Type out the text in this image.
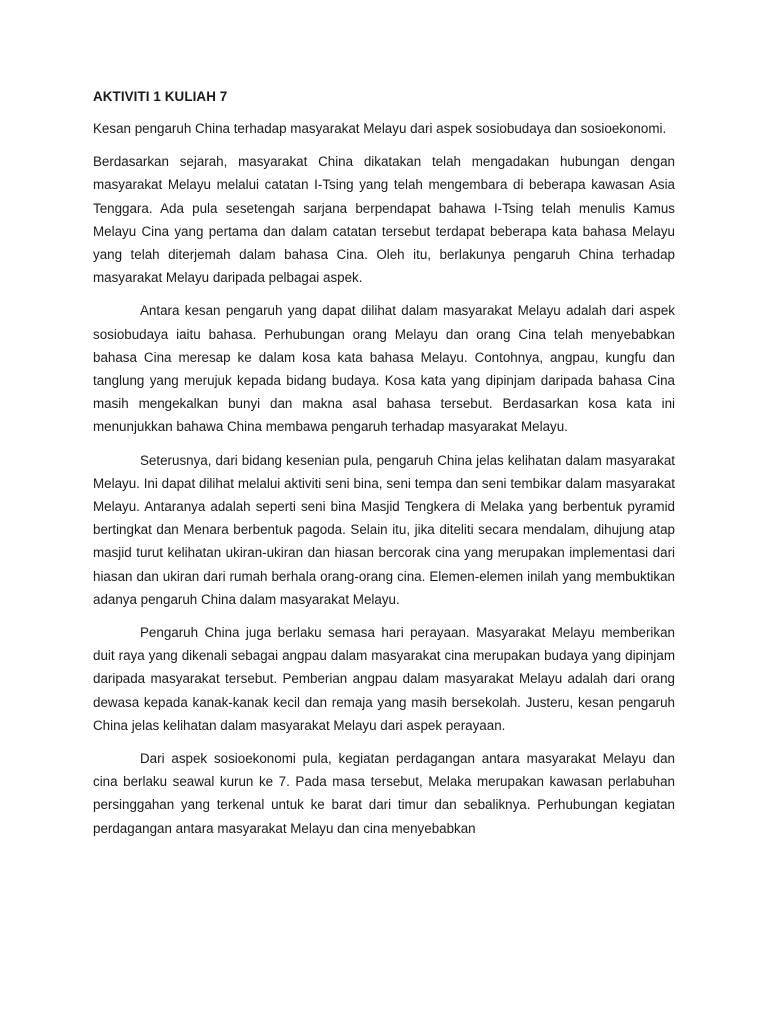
AKTIVITI 1 KULIAH 7

Kesan pengaruh China terhadap masyarakat Melayu dari aspek sosiobudaya dan sosioekonomi.

Berdasarkan sejarah, masyarakat China dikatakan telah mengadakan hubungan dengan masyarakat Melayu melalui catatan I-Tsing yang telah mengembara di beberapa kawasan Asia Tenggara. Ada pula sesetengah sarjana berpendapat bahawa I-Tsing telah menulis Kamus Melayu Cina yang pertama dan dalam catatan tersebut terdapat beberapa kata bahasa Melayu yang telah diterjemah dalam bahasa Cina. Oleh itu, berlakunya pengaruh China terhadap masyarakat Melayu daripada pelbagai aspek.

Antara kesan pengaruh yang dapat dilihat dalam masyarakat Melayu adalah dari aspek sosiobudaya iaitu bahasa. Perhubungan orang Melayu dan orang Cina telah menyebabkan bahasa Cina meresap ke dalam kosa kata bahasa Melayu. Contohnya, angpau, kungfu dan tanglung yang merujuk kepada bidang budaya. Kosa kata yang dipinjam daripada bahasa Cina masih mengekalkan bunyi dan makna asal bahasa tersebut. Berdasarkan kosa kata ini menunjukkan bahawa China membawa pengaruh terhadap masyarakat Melayu.

Seterusnya, dari bidang kesenian pula, pengaruh China jelas kelihatan dalam masyarakat Melayu. Ini dapat dilihat melalui aktiviti seni bina, seni tempa dan seni tembikar dalam masyarakat Melayu. Antaranya adalah seperti seni bina Masjid Tengkera di Melaka yang berbentuk pyramid bertingkat dan Menara berbentuk pagoda. Selain itu, jika diteliti secara mendalam, dihujung atap masjid turut kelihatan ukiran-ukiran dan hiasan bercorak cina yang merupakan implementasi dari hiasan dan ukiran dari rumah berhala orang-orang cina. Elemen-elemen inilah yang membuktikan adanya pengaruh China dalam masyarakat Melayu.

Pengaruh China juga berlaku semasa hari perayaan. Masyarakat Melayu memberikan duit raya yang dikenali sebagai angpau dalam masyarakat cina merupakan budaya yang dipinjam daripada masyarakat tersebut. Pemberian angpau dalam masyarakat Melayu adalah dari orang dewasa kepada kanak-kanak kecil dan remaja yang masih bersekolah. Justeru, kesan pengaruh China jelas kelihatan dalam masyarakat Melayu dari aspek perayaan.

Dari aspek sosioekonomi pula, kegiatan perdagangan antara masyarakat Melayu dan cina berlaku seawal kurun ke 7. Pada masa tersebut, Melaka merupakan kawasan perlabuhan persinggahan yang terkenal untuk ke barat dari timur dan sebaliknya. Perhubungan kegiatan perdagangan antara masyarakat Melayu dan cina menyebabkan
